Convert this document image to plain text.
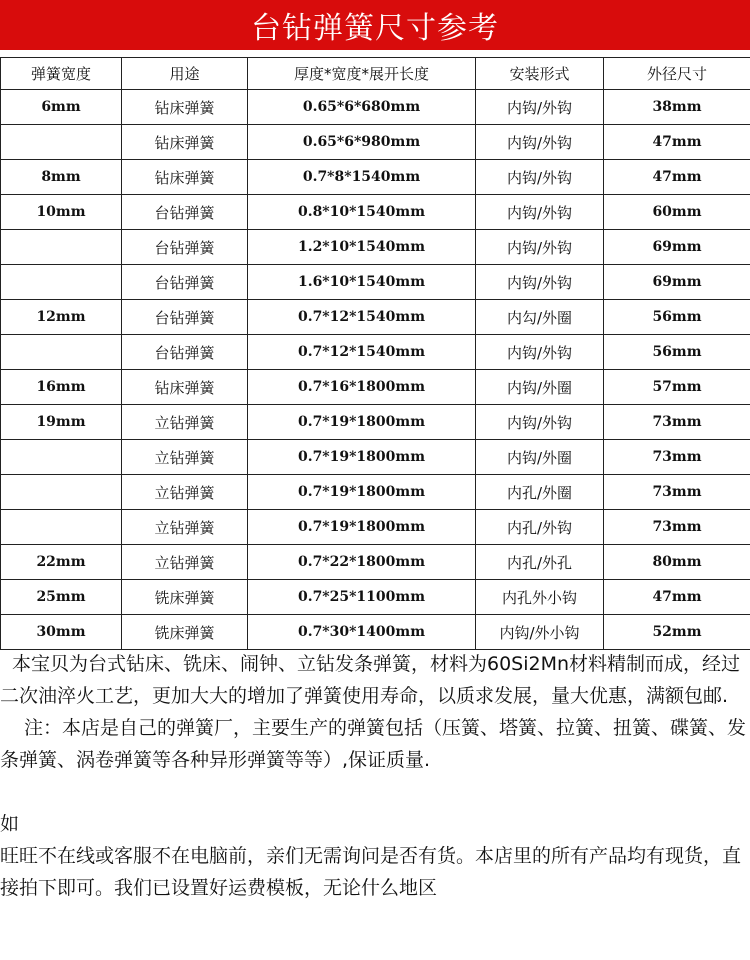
台钻弹簧尺寸参考
弹簧宽度	用途	厚度*宽度*展开长度	安装形式	外径尺寸
6mm	钻床弹簧	0.65*6*680mm	内钩/外钩	38mm
	钻床弹簧	0.65*6*980mm	内钩/外钩	47mm
8mm	钻床弹簧	0.7*8*1540mm	内钩/外钩	47mm
10mm	台钻弹簧	0.8*10*1540mm	内钩/外钩	60mm
	台钻弹簧	1.2*10*1540mm	内钩/外钩	69mm
	台钻弹簧	1.6*10*1540mm	内钩/外钩	69mm
12mm	台钻弹簧	0.7*12*1540mm	内勾/外圈	56mm
	台钻弹簧	0.7*12*1540mm	内钩/外钩	56mm
16mm	钻床弹簧	0.7*16*1800mm	内钩/外圈	57mm
19mm	立钻弹簧	0.7*19*1800mm	内钩/外钩	73mm
	立钻弹簧	0.7*19*1800mm	内钩/外圈	73mm
	立钻弹簧	0.7*19*1800mm	内孔/外圈	73mm
	立钻弹簧	0.7*19*1800mm	内孔/外钩	73mm
22mm	立钻弹簧	0.7*22*1800mm	内孔/外孔	80mm
25mm	铣床弹簧	0.7*25*1100mm	内孔外小钩	47mm
30mm	铣床弹簧	0.7*30*1400mm	内钩/外小钩	52mm

本宝贝为台式钻床、铣床、闹钟、立钻发条弹簧，材料为60Si2Mn材料精制而成，经过二次油淬火工艺，更加大大的增加了弹簧使用寿命，以质求发展，量大优惠，满额包邮.

注：本店是自己的弹簧厂，主要生产的弹簧包括（压簧、塔簧、拉簧、扭簧、碟簧、发条弹簧、涡卷弹簧等各种异形弹簧等等）,保证质量.

如

旺旺不在线或客服不在电脑前，亲们无需询问是否有货。本店里的所有产品均有现货，直接拍下即可。我们已设置好运费模板，无论什么地区
